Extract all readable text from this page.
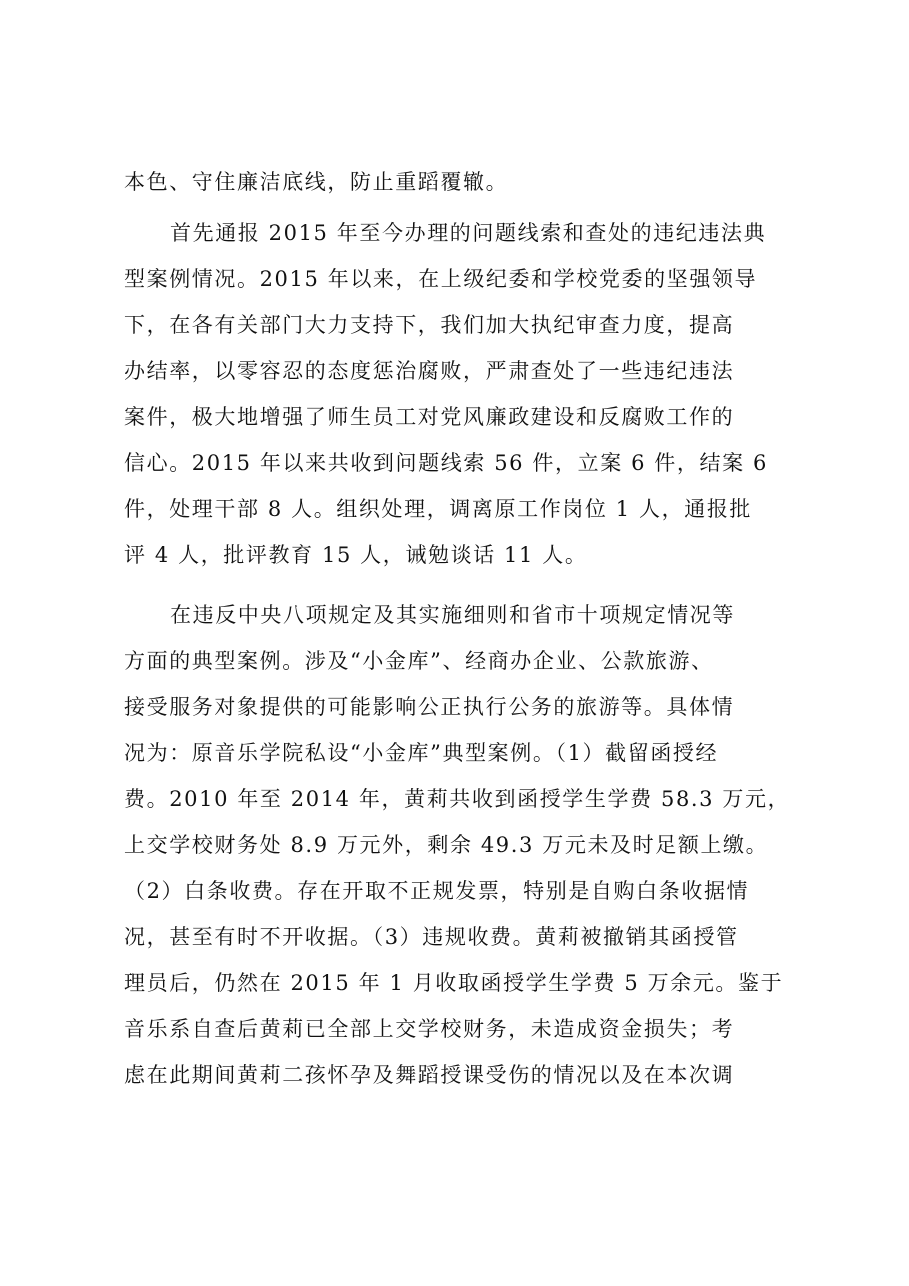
本色、守住廉洁底线，防止重蹈覆辙。
首先通报 2015 年至今办理的问题线索和查处的违纪违法典
型案例情况。2015 年以来，在上级纪委和学校党委的坚强领导
下，在各有关部门大力支持下，我们加大执纪审查力度，提高
办结率，以零容忍的态度惩治腐败，严肃查处了一些违纪违法
案件，极大地增强了师生员工对党风廉政建设和反腐败工作的
信心。2015 年以来共收到问题线索 56 件，立案 6 件，结案 6
件，处理干部 8 人。组织处理，调离原工作岗位 1 人，通报批
评 4 人，批评教育 15 人，诫勉谈话 11 人。
在违反中央八项规定及其实施细则和省市十项规定情况等
方面的典型案例。涉及“小金库”、经商办企业、公款旅游、
接受服务对象提供的可能影响公正执行公务的旅游等。具体情
况为：原音乐学院私设“小金库”典型案例。（1）截留函授经
费。2010 年至 2014 年，黄莉共收到函授学生学费 58.3 万元，
上交学校财务处 8.9 万元外，剩余 49.3 万元未及时足额上缴。
（2）白条收费。存在开取不正规发票，特别是自购白条收据情
况，甚至有时不开收据。（3）违规收费。黄莉被撤销其函授管
理员后，仍然在 2015 年 1 月收取函授学生学费 5 万余元。鉴于
音乐系自查后黄莉已全部上交学校财务，未造成资金损失；考
虑在此期间黄莉二孩怀孕及舞蹈授课受伤的情况以及在本次调
